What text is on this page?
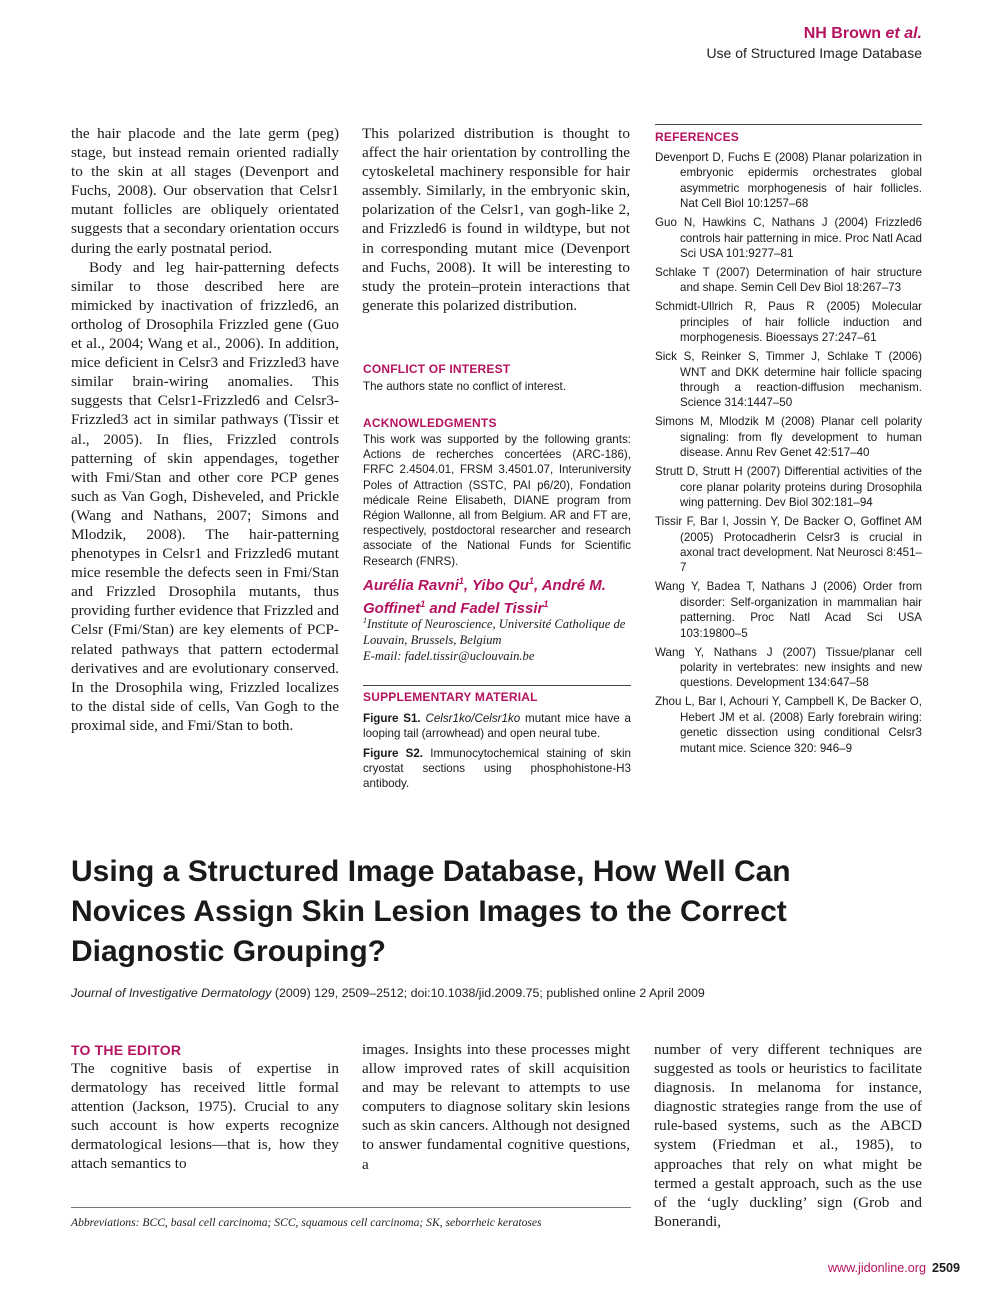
NH Brown et al.
Use of Structured Image Database

the hair placode and the late germ (peg) stage, but instead remain oriented radially to the skin at all stages (Devenport and Fuchs, 2008). Our observation that Celsr1 mutant follicles are obliquely orientated suggests that a secondary orientation occurs during the early postnatal period.

Body and leg hair-patterning defects similar to those described here are mimicked by inactivation of frizzled6, an ortholog of Drosophila Frizzled gene (Guo et al., 2004; Wang et al., 2006). In addition, mice deficient in Celsr3 and Frizzled3 have similar brain-wiring anomalies. This suggests that Celsr1-Frizzled6 and Celsr3-Frizzled3 act in similar pathways (Tissir et al., 2005). In flies, Frizzled controls patterning of skin appendages, together with Fmi/Stan and other core PCP genes such as Van Gogh, Disheveled, and Prickle (Wang and Nathans, 2007; Simons and Mlodzik, 2008). The hair-patterning phenotypes in Celsr1 and Frizzled6 mutant mice resemble the defects seen in Fmi/Stan and Frizzled Drosophila mutants, thus providing further evidence that Frizzled and Celsr (Fmi/Stan) are key elements of PCP-related pathways that pattern ectodermal derivatives and are evolutionary conserved. In the Drosophila wing, Frizzled localizes to the distal side of cells, Van Gogh to the proximal side, and Fmi/Stan to both.

This polarized distribution is thought to affect the hair orientation by controlling the cytoskeletal machinery responsible for hair assembly. Similarly, in the embryonic skin, polarization of the Celsr1, van gogh-like 2, and Frizzled6 is found in wildtype, but not in corresponding mutant mice (Devenport and Fuchs, 2008). It will be interesting to study the protein–protein interactions that generate this polarized distribution.

CONFLICT OF INTEREST
The authors state no conflict of interest.
ACKNOWLEDGMENTS
This work was supported by the following grants: Actions de recherches concertées (ARC-186), FRFC 2.4504.01, FRSM 3.4501.07, Interuniversity Poles of Attraction (SSTC, PAI p6/20), Fondation médicale Reine Elisabeth, DIANE program from Région Wallonne, all from Belgium. AR and FT are, respectively, postdoctoral researcher and research associate of the National Funds for Scientific Research (FNRS).
Aurélia Ravni$^1$, Yibo Qu$^1$, André M. Goffinet$^1$ and Fadel Tissir$^1$
$^1$Institute of Neuroscience, Université Catholique de Louvain, Brussels, Belgium
E-mail: fadel.tissir@uclouvain.be
SUPPLEMENTARY MATERIAL
Figure S1. Celsr1ko/Celsr1ko mutant mice have a looping tail (arrowhead) and open neural tube.
Figure S2. Immunocytochemical staining of skin cryostat sections using phosphohistone-H3 antibody.
REFERENCES
Devenport D, Fuchs E (2008) Planar polarization in embryonic epidermis orchestrates global asymmetric morphogenesis of hair follicles. Nat Cell Biol 10:1257–68
Guo N, Hawkins C, Nathans J (2004) Frizzled6 controls hair patterning in mice. Proc Natl Acad Sci USA 101:9277–81
Schlake T (2007) Determination of hair structure and shape. Semin Cell Dev Biol 18:267–73
Schmidt-Ullrich R, Paus R (2005) Molecular principles of hair follicle induction and morphogenesis. Bioessays 27:247–61
Sick S, Reinker S, Timmer J, Schlake T (2006) WNT and DKK determine hair follicle spacing through a reaction-diffusion mechanism. Science 314:1447–50
Simons M, Mlodzik M (2008) Planar cell polarity signaling: from fly development to human disease. Annu Rev Genet 42:517–40
Strutt D, Strutt H (2007) Differential activities of the core planar polarity proteins during Drosophila wing patterning. Dev Biol 302:181–94
Tissir F, Bar I, Jossin Y, De Backer O, Goffinet AM (2005) Protocadherin Celsr3 is crucial in axonal tract development. Nat Neurosci 8:451–7
Wang Y, Badea T, Nathans J (2006) Order from disorder: Self-organization in mammalian hair patterning. Proc Natl Acad Sci USA 103:19800–5
Wang Y, Nathans J (2007) Tissue/planar cell polarity in vertebrates: new insights and new questions. Development 134:647–58
Zhou L, Bar I, Achouri Y, Campbell K, De Backer O, Hebert JM et al. (2008) Early forebrain wiring: genetic dissection using conditional Celsr3 mutant mice. Science 320: 946–9
Using a Structured Image Database, How Well Can Novices Assign Skin Lesion Images to the Correct Diagnostic Grouping?
Journal of Investigative Dermatology (2009) 129, 2509–2512; doi:10.1038/jid.2009.75; published online 2 April 2009
TO THE EDITOR

The cognitive basis of expertise in dermatology has received little formal attention (Jackson, 1975). Crucial to any such account is how experts recognize dermatological lesions—that is, how they attach semantics to

images. Insights into these processes might allow improved rates of skill acquisition and may be relevant to attempts to use computers to diagnose solitary skin lesions such as skin cancers. Although not designed to answer fundamental cognitive questions, a

number of very different techniques are suggested as tools or heuristics to facilitate diagnosis. In melanoma for instance, diagnostic strategies range from the use of rule-based systems, such as the ABCD system (Friedman et al., 1985), to approaches that rely on what might be termed a gestalt approach, such as the use of the ‘ugly duckling’ sign (Grob and Bonerandi,

Abbreviations: BCC, basal cell carcinoma; SCC, squamous cell carcinoma; SK, seborrheic keratoses
www.jidonline.org 2509
